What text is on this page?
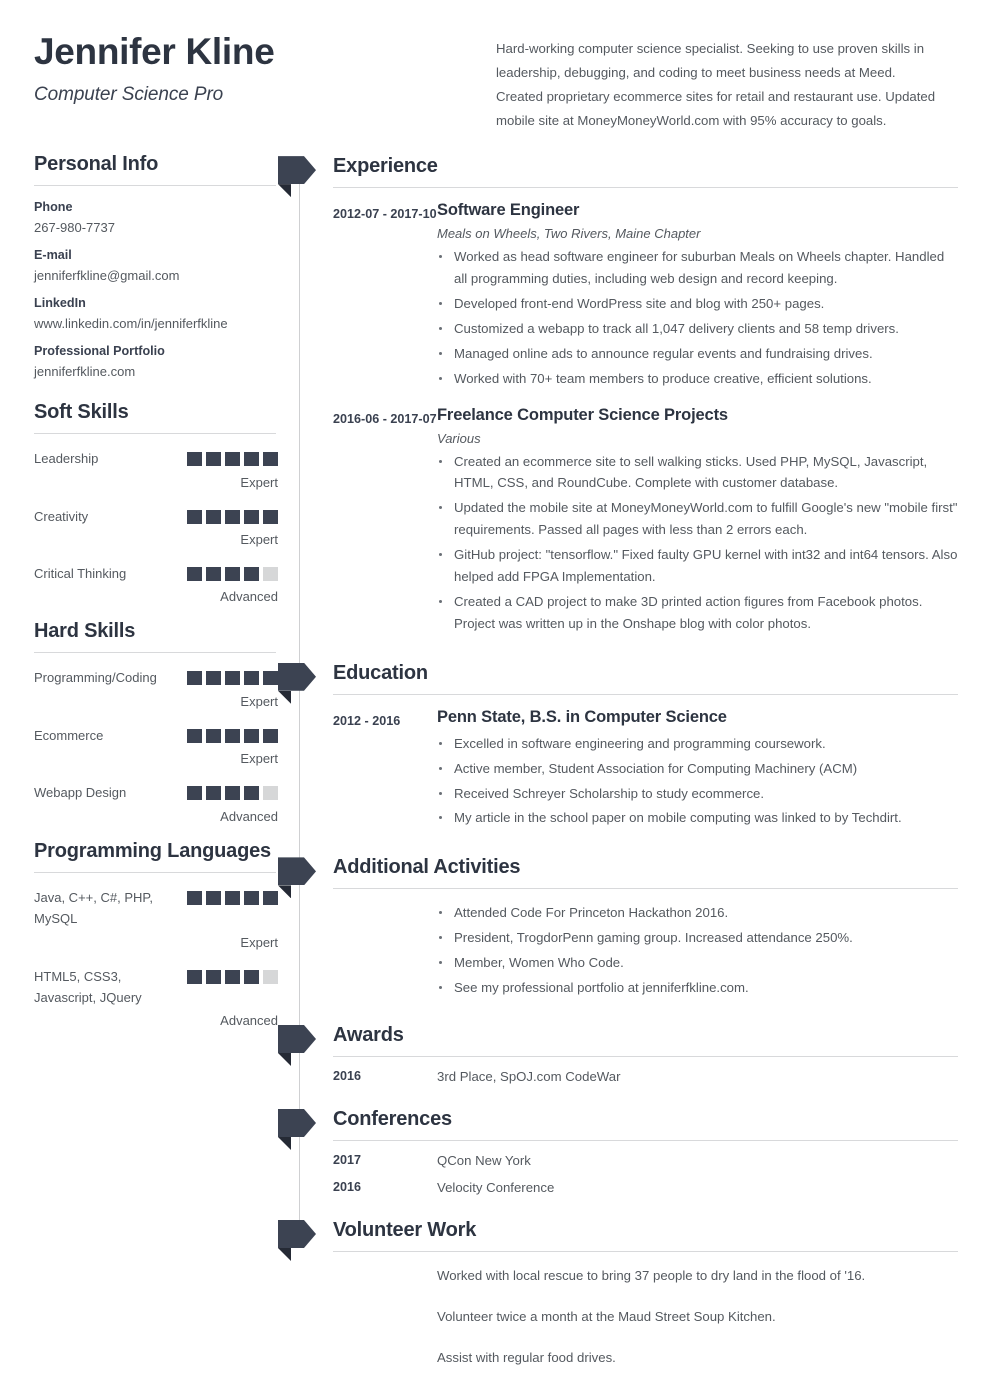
Jennifer Kline
Computer Science Pro
Hard-working computer science specialist. Seeking to use proven skills in leadership, debugging, and coding to meet business needs at Meed. Created proprietary ecommerce sites for retail and restaurant use. Updated mobile site at MoneyMoneyWorld.com with 95% accuracy to goals.
Personal Info
Phone
267-980-7737
E-mail
jenniferfkline@gmail.com
LinkedIn
www.linkedin.com/in/jenniferfkline
Professional Portfolio
jenniferfkline.com
Soft Skills
Leadership
Expert
Creativity
Expert
Critical Thinking
Advanced
Hard Skills
Programming/Coding
Expert
Ecommerce
Expert
Webapp Design
Advanced
Programming Languages
Java, C++, C#, PHP, MySQL
Expert
HTML5, CSS3, Javascript, JQuery
Advanced
Experience
2012-07 - 2017-10 Software Engineer
Meals on Wheels, Two Rivers, Maine Chapter
Worked as head software engineer for suburban Meals on Wheels chapter. Handled all programming duties, including web design and record keeping.
Developed front-end WordPress site and blog with 250+ pages.
Customized a webapp to track all 1,047 delivery clients and 58 temp drivers.
Managed online ads to announce regular events and fundraising drives.
Worked with 70+ team members to produce creative, efficient solutions.
2016-06 - 2017-07 Freelance Computer Science Projects
Various
Created an ecommerce site to sell walking sticks. Used PHP, MySQL, Javascript, HTML, CSS, and RoundCube. Complete with customer database.
Updated the mobile site at MoneyMoneyWorld.com to fulfill Google's new "mobile first" requirements. Passed all pages with less than 2 errors each.
GitHub project: "tensorflow." Fixed faulty GPU kernel with int32 and int64 tensors. Also helped add FPGA Implementation.
Created a CAD project to make 3D printed action figures from Facebook photos. Project was written up in the Onshape blog with color photos.
Education
2012 - 2016	Penn State, B.S. in Computer Science
Excelled in software engineering and programming coursework.
Active member, Student Association for Computing Machinery (ACM)
Received Schreyer Scholarship to study ecommerce.
My article in the school paper on mobile computing was linked to by Techdirt.
Additional Activities
Attended Code For Princeton Hackathon 2016.
President, TrogdorPenn gaming group. Increased attendance 250%.
Member, Women Who Code.
See my professional portfolio at jenniferfkline.com.
Awards
2016	3rd Place, SpOJ.com CodeWar
Conferences
2017	QCon New York
2016	Velocity Conference
Volunteer Work
Worked with local rescue to bring 37 people to dry land in the flood of '16.
Volunteer twice a month at the Maud Street Soup Kitchen.
Assist with regular food drives.
